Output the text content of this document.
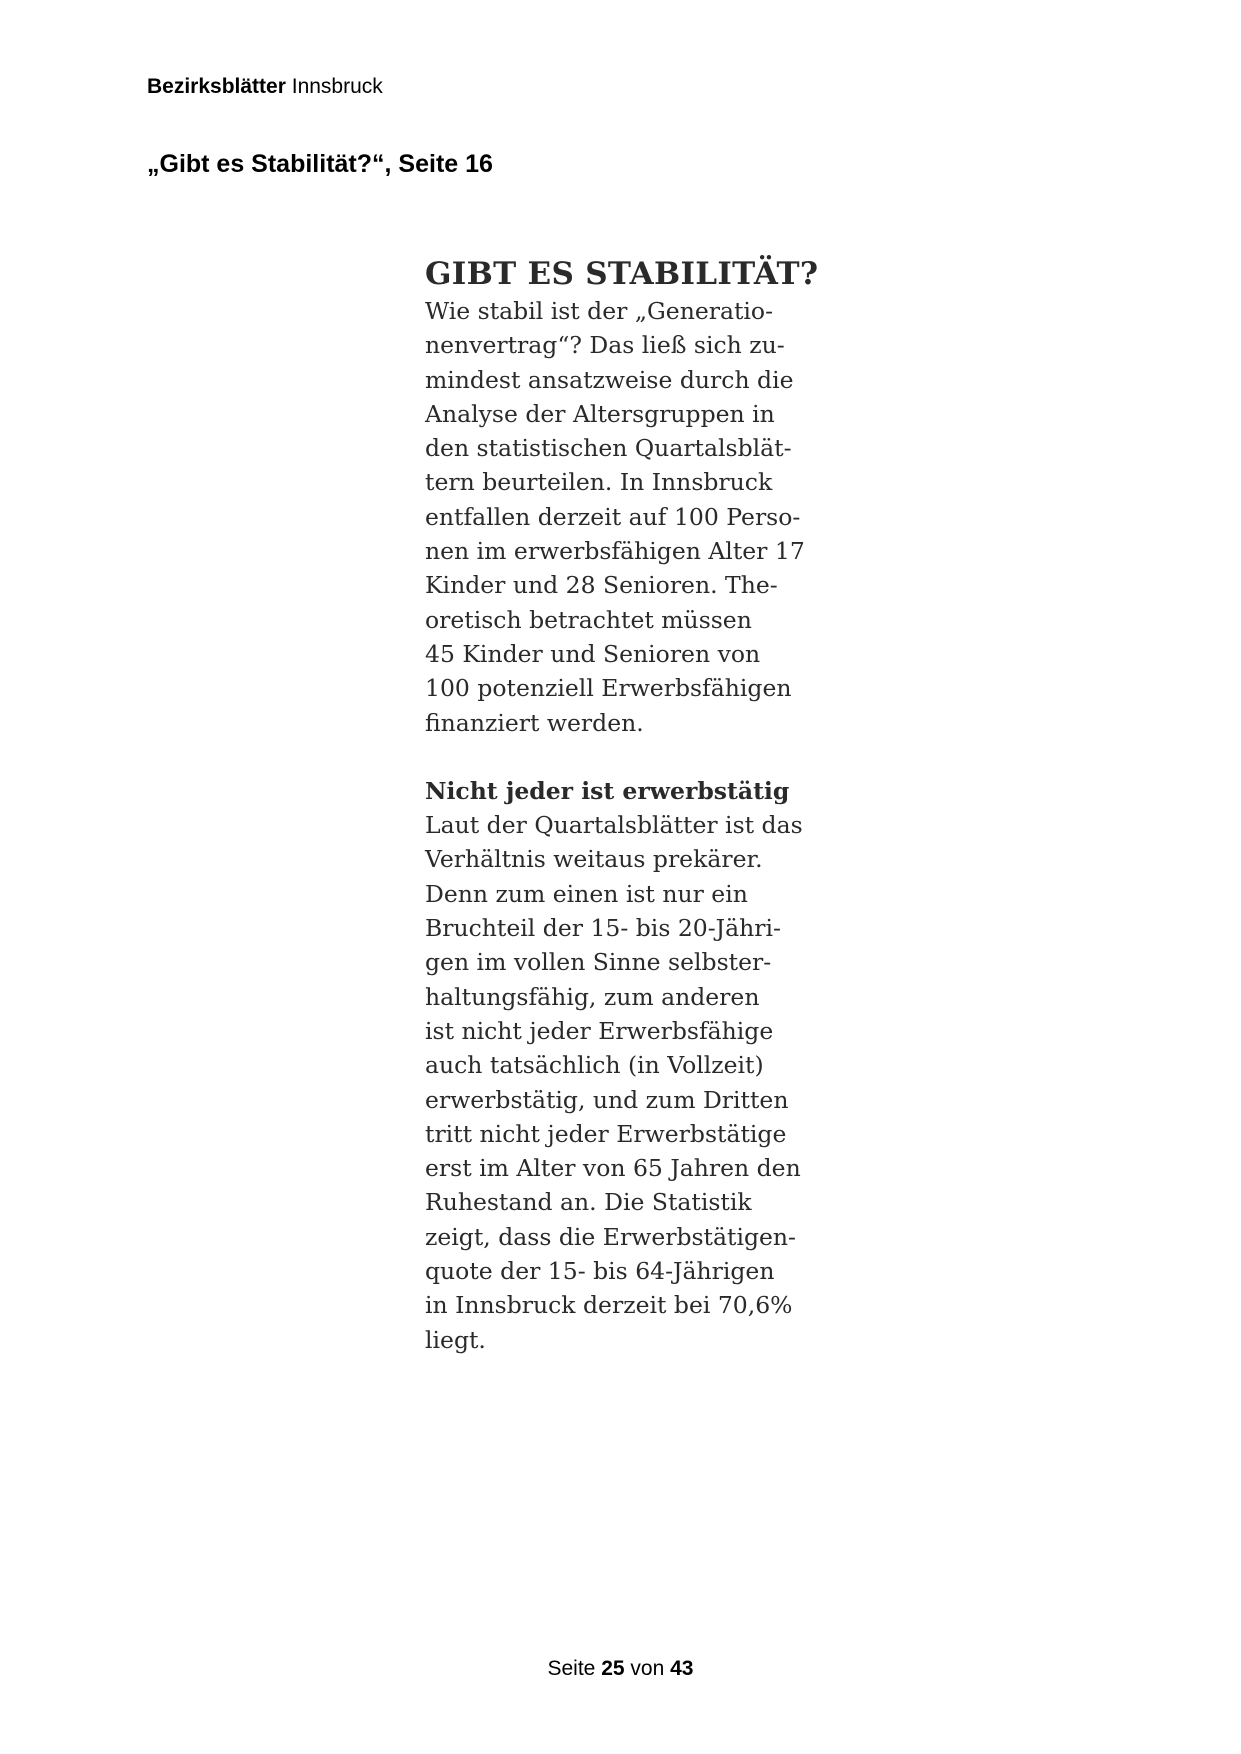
Bezirksblätter Innsbruck
„Gibt es Stabilität?“, Seite 16
GIBT ES STABILITÄT?

Wie stabil ist der „Generatio-
nenvertrag“? Das ließ sich zu-
mindest ansatzweise durch die
Analyse der Altersgruppen in
den statistischen Quartalsblät-
tern beurteilen. In Innsbruck
entfallen derzeit auf 100 Perso-
nen im erwerbsfähigen Alter 17
Kinder und 28 Senioren. The-
oretisch betrachtet müssen
45 Kinder und Senioren von
100 potenziell Erwerbsfähigen
finanziert werden.

Nicht jeder ist erwerbstätig

Laut der Quartalsblätter ist das
Verhältnis weitaus prekärer.
Denn zum einen ist nur ein
Bruchteil der 15- bis 20-Jähri-
gen im vollen Sinne selbster-
haltungsfähig, zum anderen
ist nicht jeder Erwerbsfähige
auch tatsächlich (in Vollzeit)
erwerbstätig, und zum Dritten
tritt nicht jeder Erwerbstätige
erst im Alter von 65 Jahren den
Ruhestand an. Die Statistik
zeigt, dass die Erwerbstätigen-
quote der 15- bis 64-Jährigen
in Innsbruck derzeit bei 70,6%
liegt.

Seite 25 von 43
